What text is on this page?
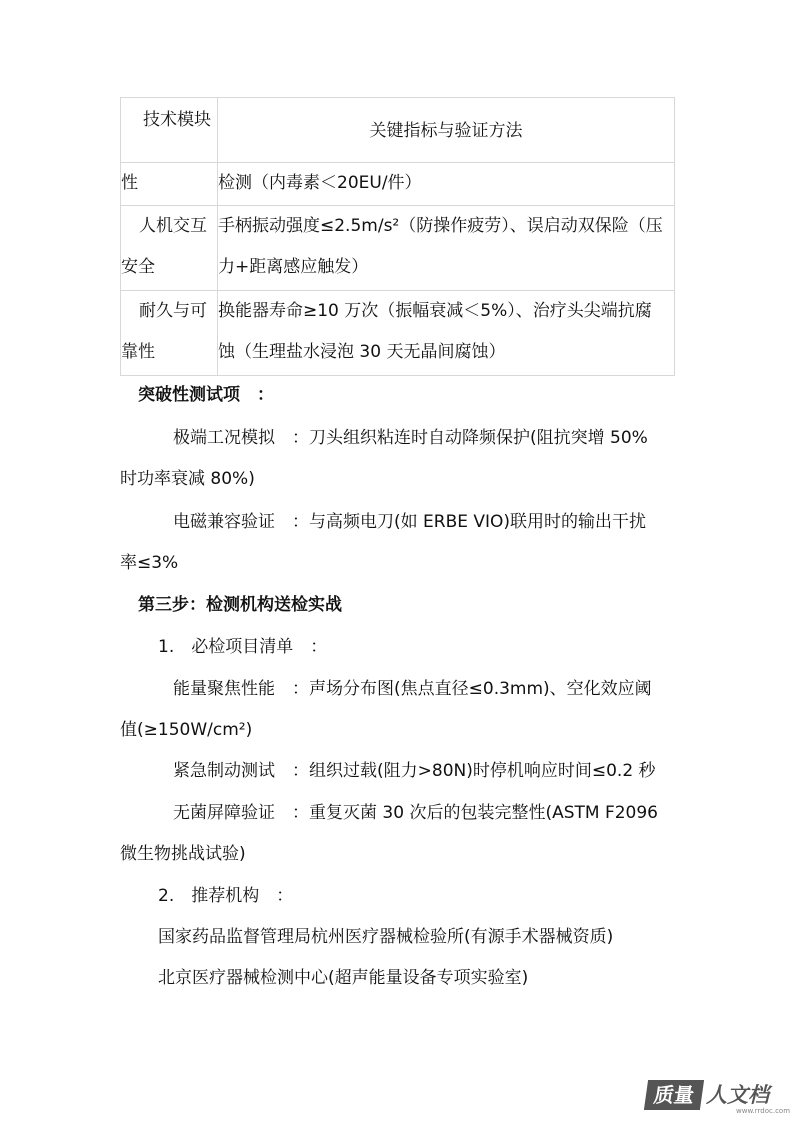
技术模块	关键指标与验证方法

性	检测（内毒素＜20EU/件）

人机交互
安全	手柄振动强度≤2.5m/s²（防操作疲劳）、误启动双保险（压
力+距离感应触发）

耐久与可
靠性	换能器寿命≥10 万次（振幅衰减＜5%）、治疗头尖端抗腐
蚀（生理盐水浸泡 30 天无晶间腐蚀）
突破性测试项　：
极端工况模拟　：刀头组织粘连时自动降频保护(阻抗突增 50%
时功率衰减 80%)
电磁兼容验证　：与高频电刀(如 ERBE VIO)联用时的输出干扰
率≤3%
第三步：检测机构送检实战
1.　必检项目清单　：
能量聚焦性能　：声场分布图(焦点直径≤0.3mm)、空化效应阈
值(≥150W/cm²)
紧急制动测试　：组织过载(阻力>80N)时停机响应时间≤0.2 秒
无菌屏障验证　：重复灭菌 30 次后的包装完整性(ASTM F2096
微生物挑战试验)
2.　推荐机构　：
国家药品监督管理局杭州医疗器械检验所(有源手术器械资质)
北京医疗器械检测中心(超声能量设备专项实验室)
质量 人文档
www.rrdoc.com
